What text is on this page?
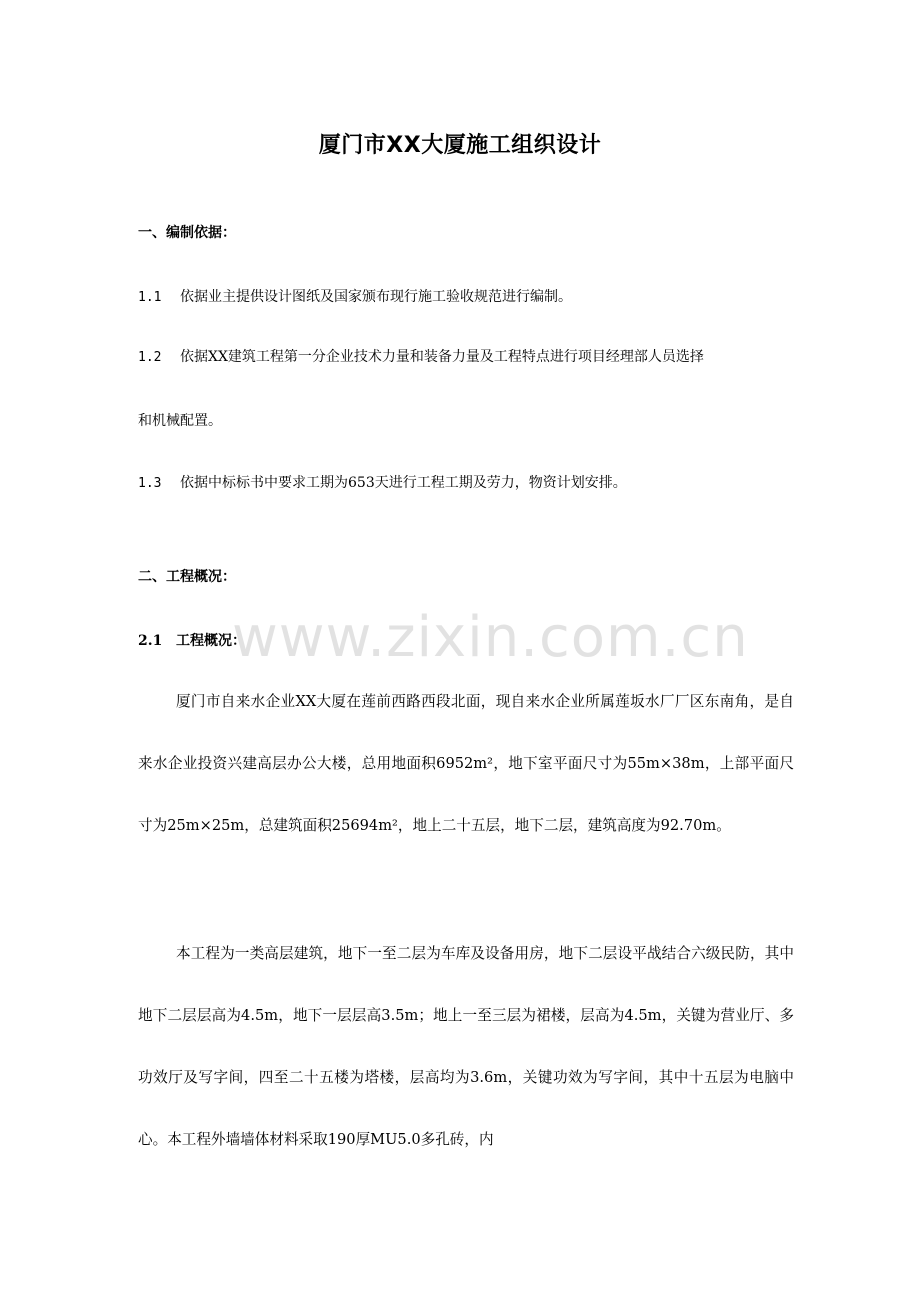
厦门市XX大厦施工组织设计
一、编制依据：
1.1 依据业主提供设计图纸及国家颁布现行施工验收规范进行编制。
1.2 依据XX建筑工程第一分企业技术力量和装备力量及工程特点进行项目经理部人员选择
和机械配置。
1.3 依据中标标书中要求工期为653天进行工程工期及劳力，物资计划安排。
二、工程概况：
2.1 工程概况：
厦门市自来水企业XX大厦在莲前西路西段北面，现自来水企业所属莲坂水厂厂区东南角，是自来水企业投资兴建高层办公大楼，总用地面积6952m²，地下室平面尺寸为55m×38m，上部平面尺寸为25m×25m，总建筑面积25694m²，地上二十五层，地下二层，建筑高度为92.70m。
本工程为一类高层建筑，地下一至二层为车库及设备用房，地下二层设平战结合六级民防，其中地下二层层高为4.5m，地下一层层高3.5m；地上一至三层为裙楼，层高为4.5m，关键为营业厅、多功效厅及写字间，四至二十五楼为塔楼，层高均为3.6m，关键功效为写字间，其中十五层为电脑中心。本工程外墙墙体材料采取190厚MU5.0多孔砖，内
www.zixin.com.cn
